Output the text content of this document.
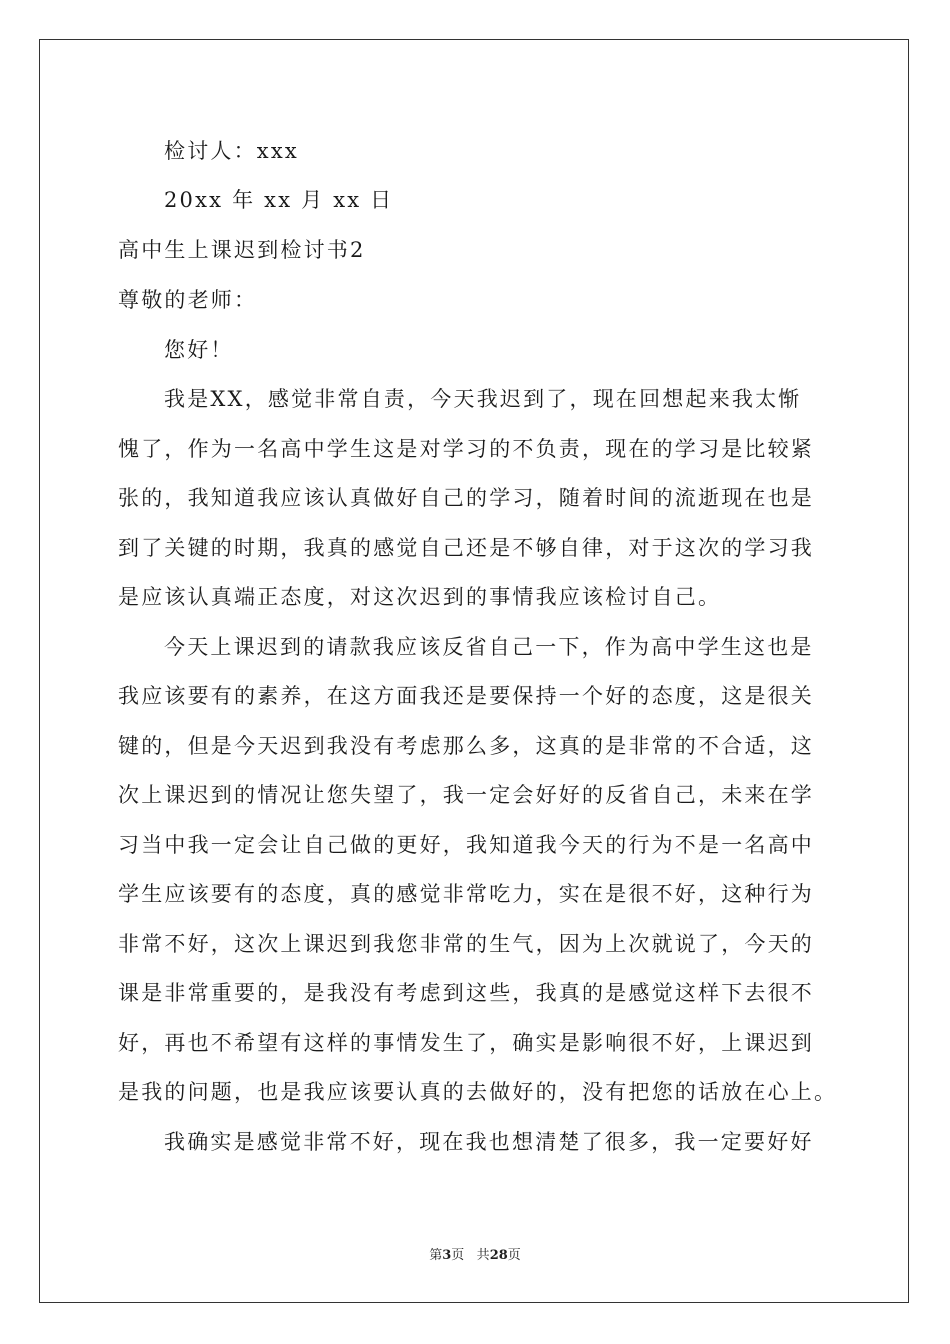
检讨人：xxx
20xx 年 xx 月 xx 日
高中生上课迟到检讨书2
尊敬的老师：
您好！
我是XX，感觉非常自责，今天我迟到了，现在回想起来我太惭
愧了，作为一名高中学生这是对学习的不负责，现在的学习是比较紧
张的，我知道我应该认真做好自己的学习，随着时间的流逝现在也是
到了关键的时期，我真的感觉自己还是不够自律，对于这次的学习我
是应该认真端正态度，对这次迟到的事情我应该检讨自己。
今天上课迟到的请款我应该反省自己一下，作为高中学生这也是
我应该要有的素养，在这方面我还是要保持一个好的态度，这是很关
键的，但是今天迟到我没有考虑那么多，这真的是非常的不合适，这
次上课迟到的情况让您失望了，我一定会好好的反省自己，未来在学
习当中我一定会让自己做的更好，我知道我今天的行为不是一名高中
学生应该要有的态度，真的感觉非常吃力，实在是很不好，这种行为
非常不好，这次上课迟到我您非常的生气，因为上次就说了，今天的
课是非常重要的，是我没有考虑到这些，我真的是感觉这样下去很不
好，再也不希望有这样的事情发生了，确实是影响很不好，上课迟到
是我的问题，也是我应该要认真的去做好的，没有把您的话放在心上。
我确实是感觉非常不好，现在我也想清楚了很多，我一定要好好
第3页 共28页
